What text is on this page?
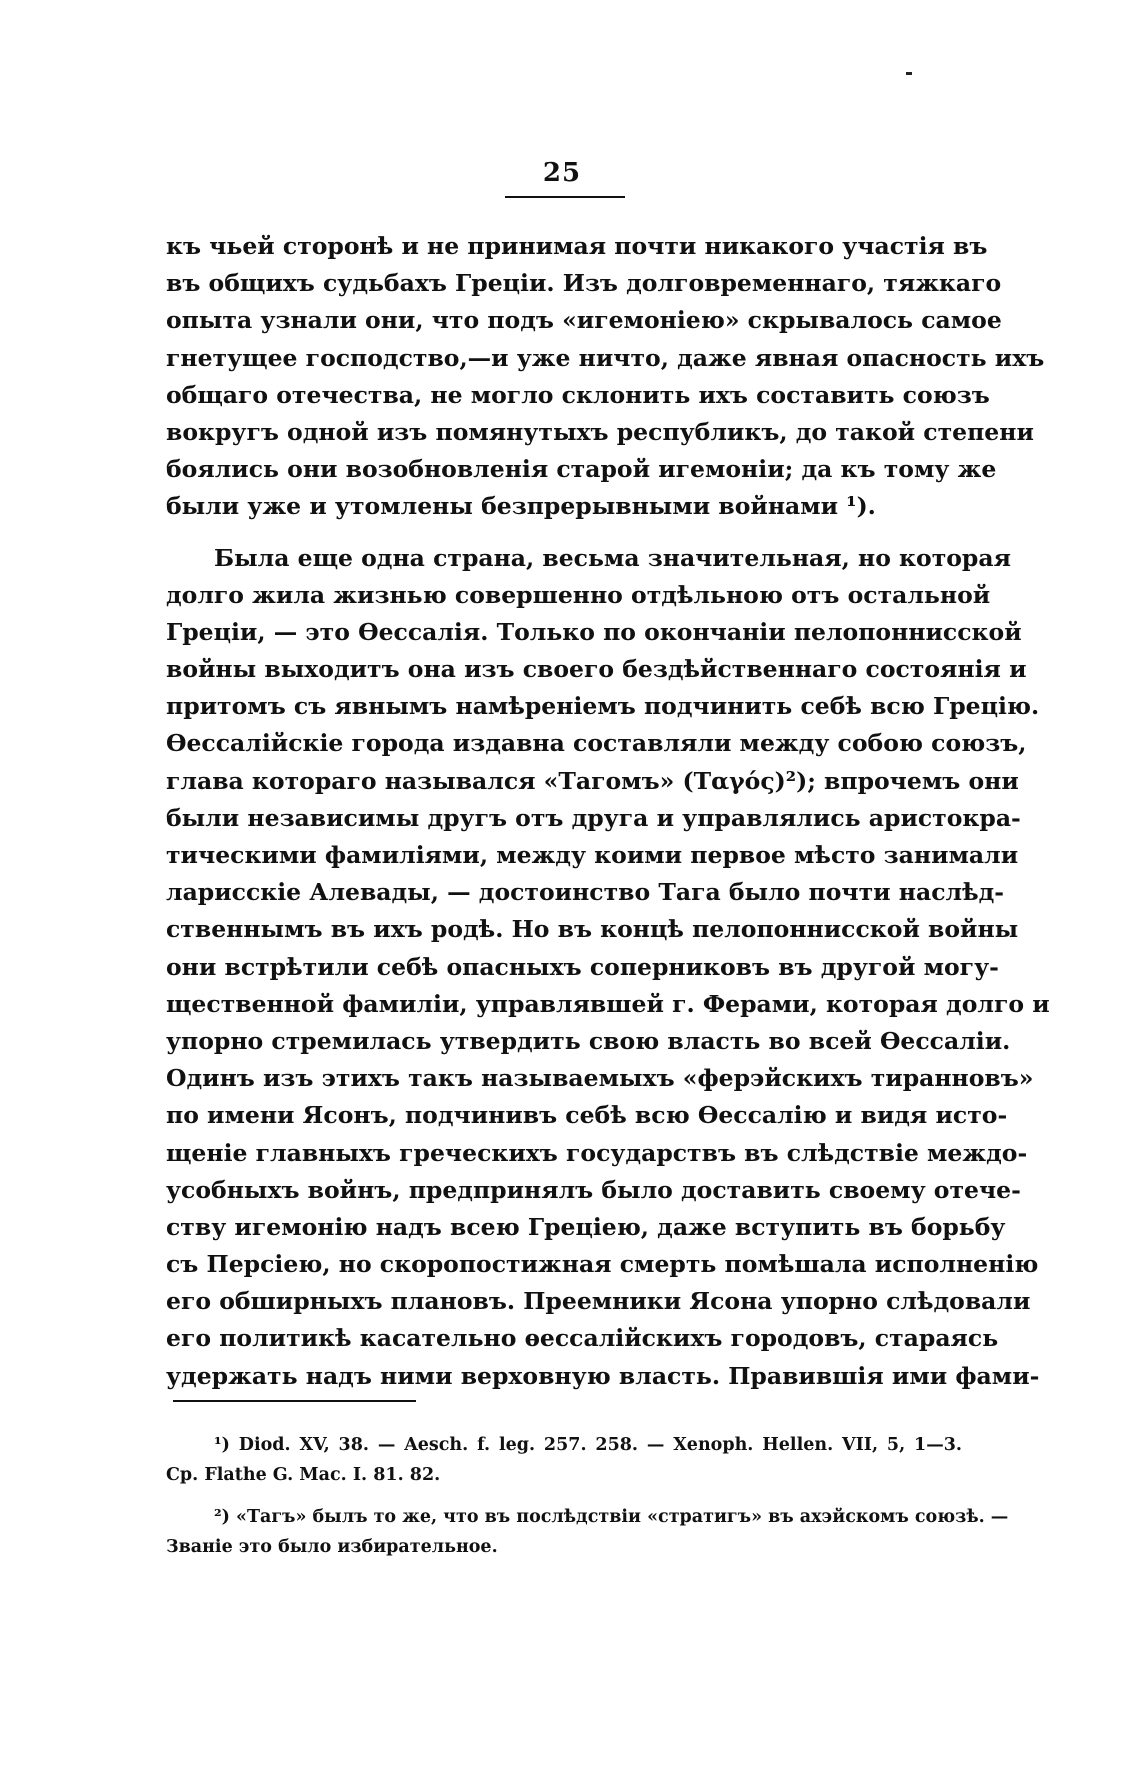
25
къ чьей сторонѣ и не принимая почти никакого участія въ
въ общихъ судьбахъ Греціи. Изъ долговременнаго, тяжкаго
опыта узнали они, что подъ «игемоніею» скрывалось самое
гнетущее господство,—и уже ничто, даже явная опасность ихъ
общаго отечества, не могло склонить ихъ составить союзъ
вокругъ одной изъ помянутыхъ республикъ, до такой степени
боялись они возобновленія старой игемоніи; да къ тому же
были уже и утомлены безпрерывными войнами ¹).
Была еще одна страна, весьма значительная, но которая
долго жила жизнью совершенно отдѣльною отъ остальной
Греціи, — это Ѳессалія. Только по окончаніи пелопоннисской
войны выходитъ она изъ своего бездѣйственнаго состоянія и
притомъ съ явнымъ намѣреніемъ подчинить себѣ всю Грецію.
Ѳессалійскіе города издавна составляли между собою союзъ,
глава котораго назывался «Тагомъ» (Ταγός)²); впрочемъ они
были независимы другъ отъ друга и управлялись аристокра-
тическими фамиліями, между коими первое мѣсто занимали
ларисскіе Алевады, — достоинство Тага было почти наслѣд-
ственнымъ въ ихъ родѣ. Но въ концѣ пелопоннисской войны
они встрѣтили себѣ опасныхъ соперниковъ въ другой могу-
щественной фамиліи, управлявшей г. Ферами, которая долго и
упорно стремилась утвердить свою власть во всей Ѳессаліи.
Одинъ изъ этихъ такъ называемыхъ «ферэйскихъ тиранновъ»
по имени Ясонъ, подчинивъ себѣ всю Ѳессалію и видя исто-
щеніе главныхъ греческихъ государствъ въ слѣдствіе междо-
усобныхъ войнъ, предпринялъ было доставить своему отече-
ству игемонію надъ всею Греціею, даже вступить въ борьбу
съ Персіею, но скоропостижная смерть помѣшала исполненію
его обширныхъ плановъ. Преемники Ясона упорно слѣдовали
его политикѣ касательно ѳессалійскихъ городовъ, стараясь
удержать надъ ними верховную власть. Правившія ими фами-
¹) Diod. XV, 38. — Aesch. f. leg. 257. 258. — Xenoph. Hellen. VII, 5, 1—3.
Cp. Flathe G. Mac. I. 81. 82.
²) «Тагъ» былъ то же, что въ послѣдствіи «стратигъ» въ ахэйскомъ союзѣ. —
Званіе это было избирательное.
